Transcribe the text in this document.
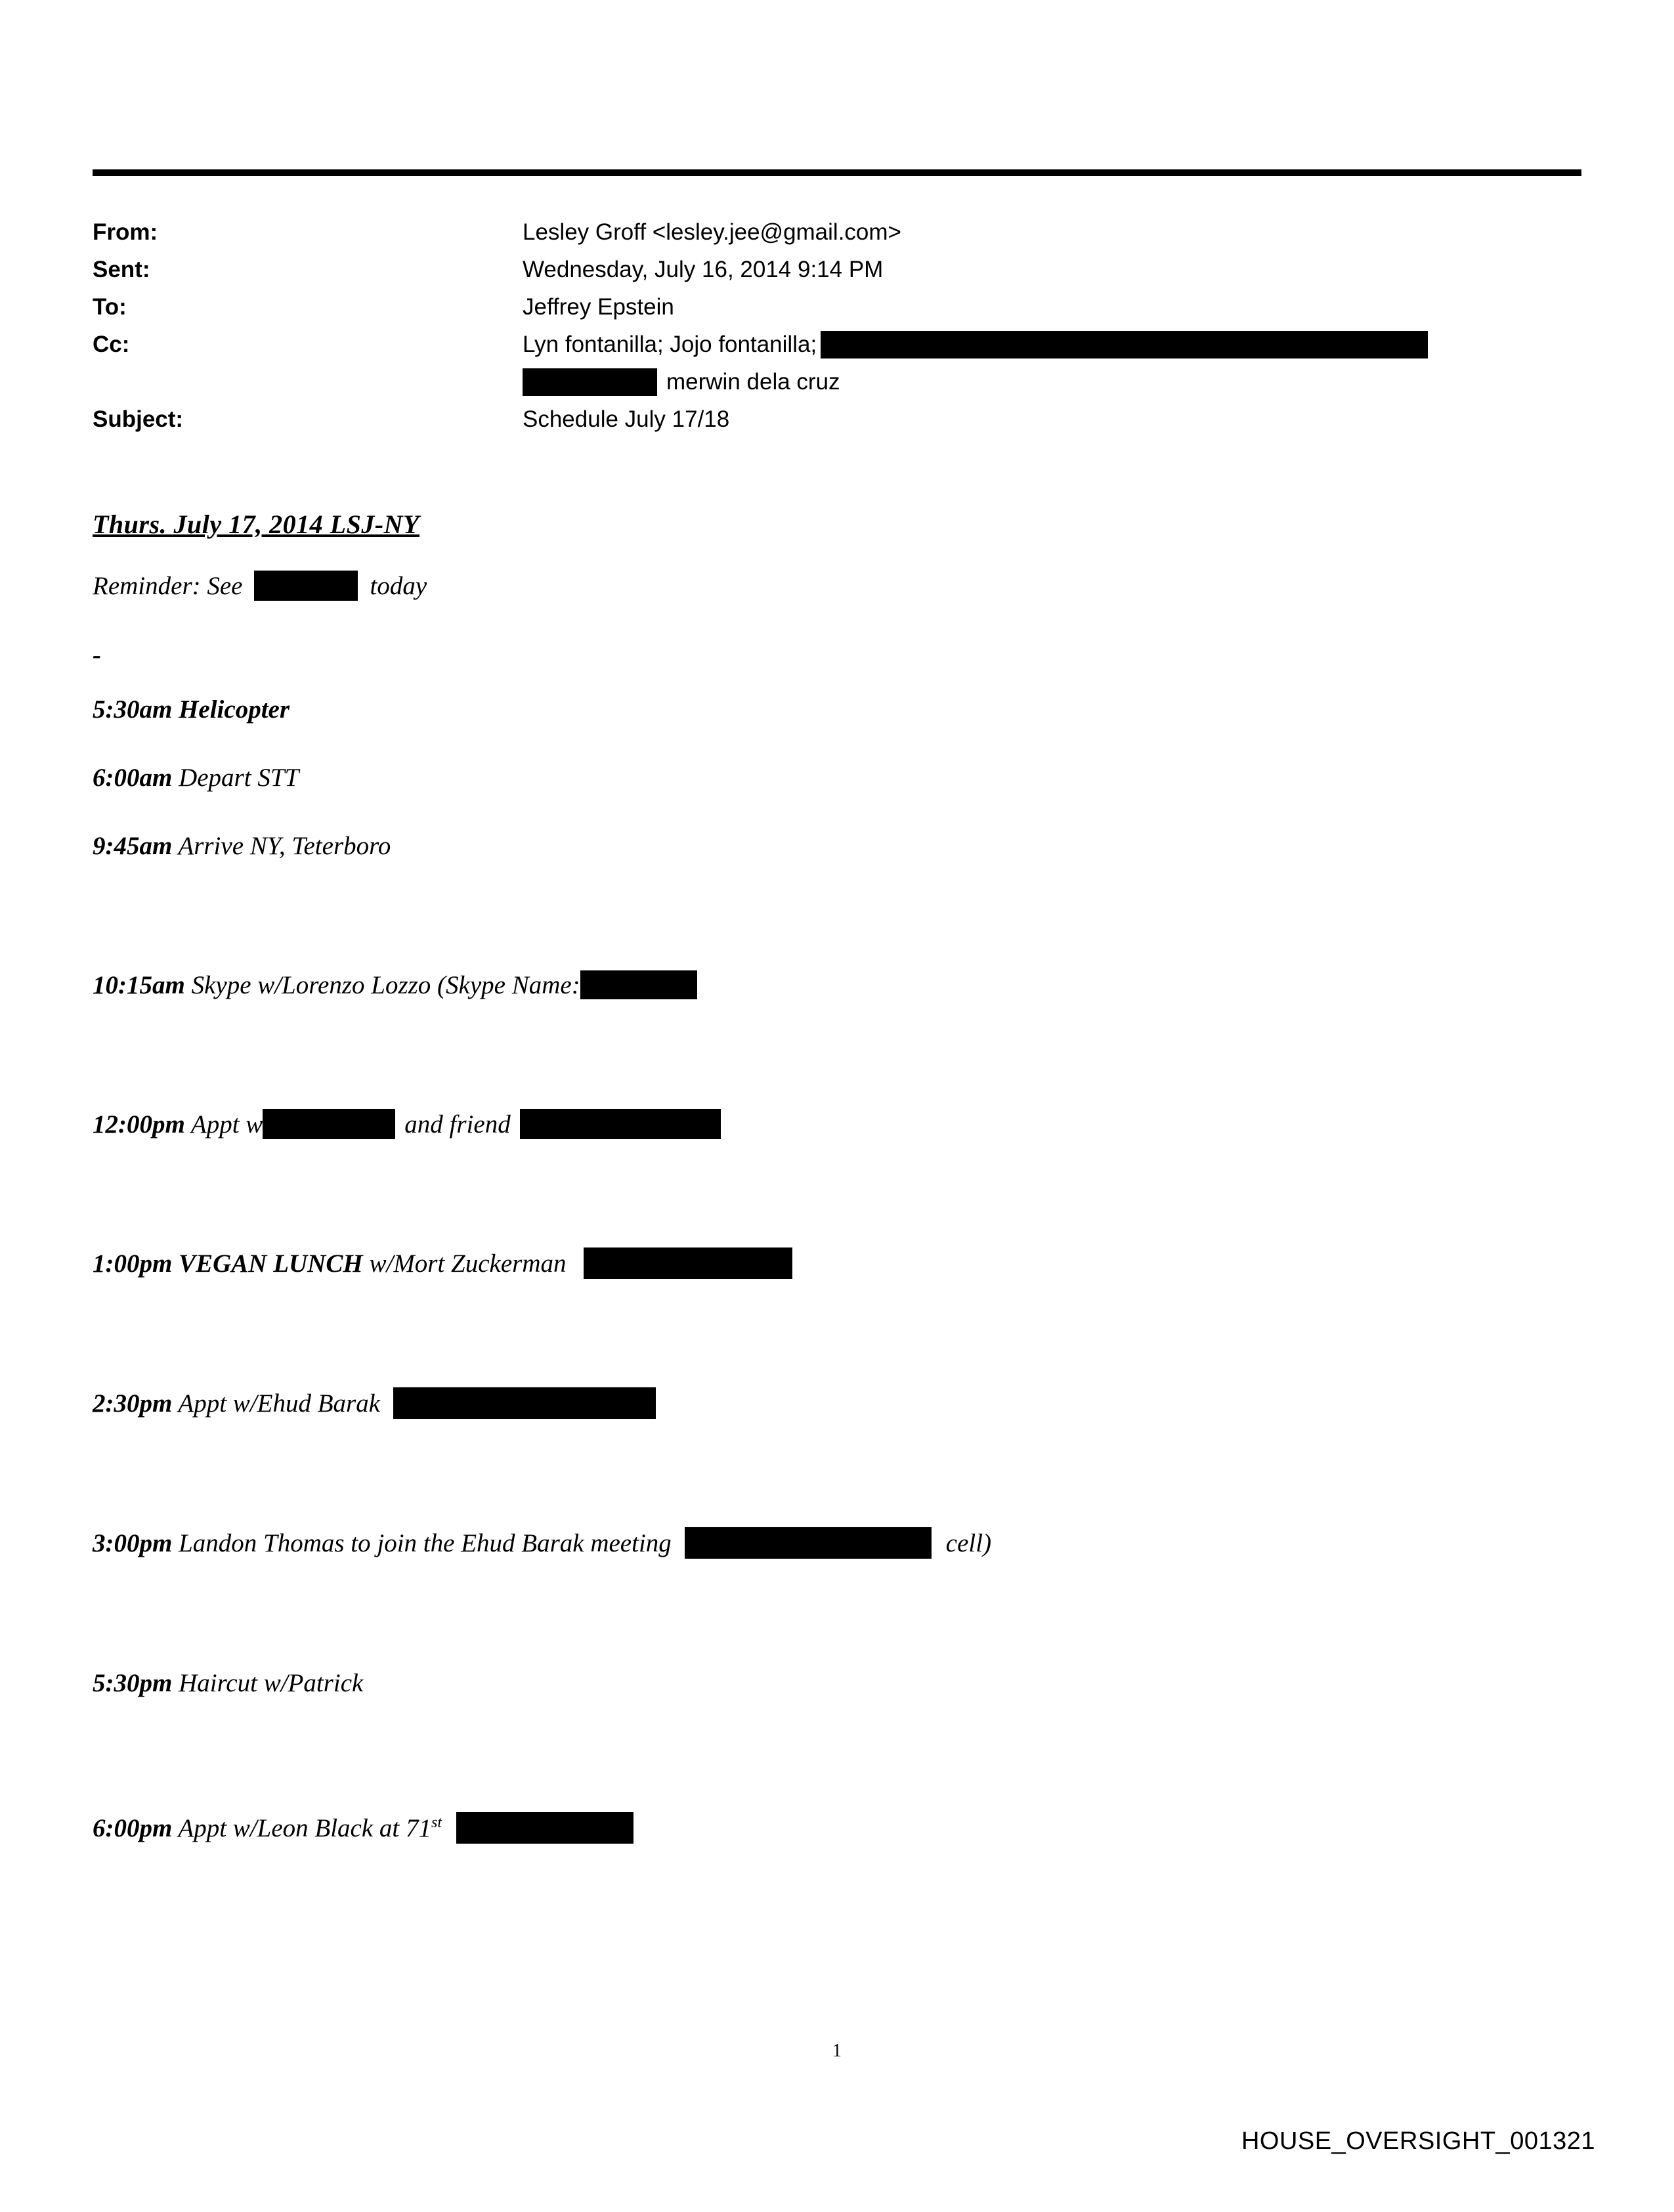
From:	Lesley Groff <lesley.jee@gmail.com>
Sent:	Wednesday, July 16, 2014 9:14 PM
To:	Jeffrey Epstein
Cc:	Lyn fontanilla; Jojo fontanilla;

merwin dela cruz
Subject:	Schedule July 17/18
Thurs. July 17, 2014 LSJ-NY
Reminder: See	today
-
5:30am Helicopter
6:00am Depart STT
9:45am Arrive NY, Teterboro
10:15am Skype w/Lorenzo Lozzo (Skype Name:
12:00pm Appt w	and friend
1:00pm VEGAN LUNCH w/Mort Zuckerman
2:30pm Appt w/Ehud Barak
3:00pm Landon Thomas to join the Ehud Barak meeting	cell)
5:30pm Haircut w/Patrick
6:00pm Appt w/Leon Black at 71st
1
HOUSE_OVERSIGHT_001321
